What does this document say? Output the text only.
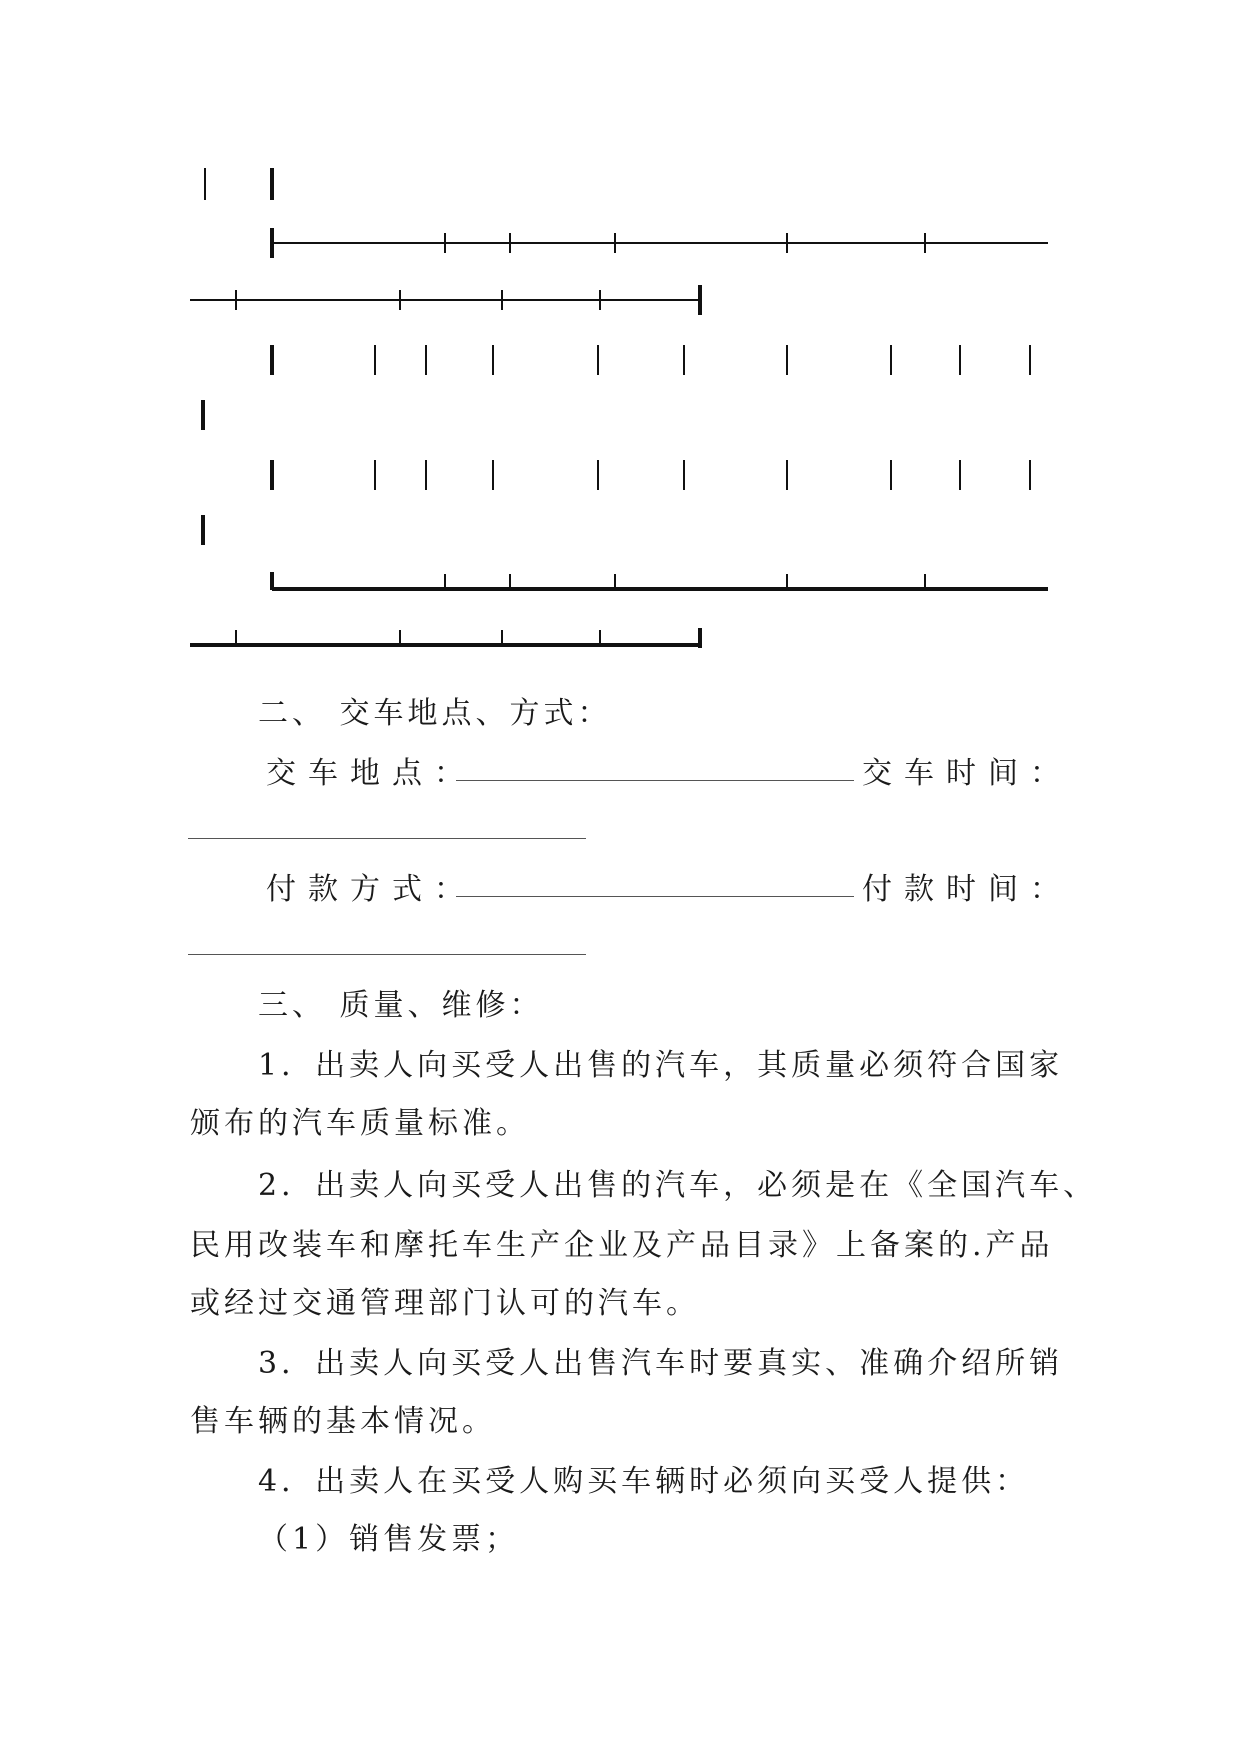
二、 交车地点、方式：

交车地点：	交车时间：

付款方式：	付款时间：

三、 质量、维修：

1．出卖人向买受人出售的汽车，其质量必须符合国家

颁布的汽车质量标准。

2．出卖人向买受人出售的汽车，必须是在《全国汽车、

民用改装车和摩托车生产企业及产品目录》上备案的.产品

或经过交通管理部门认可的汽车。

3．出卖人向买受人出售汽车时要真实、准确介绍所销

售车辆的基本情况。

4．出卖人在买受人购买车辆时必须向买受人提供：

（1）销售发票；
